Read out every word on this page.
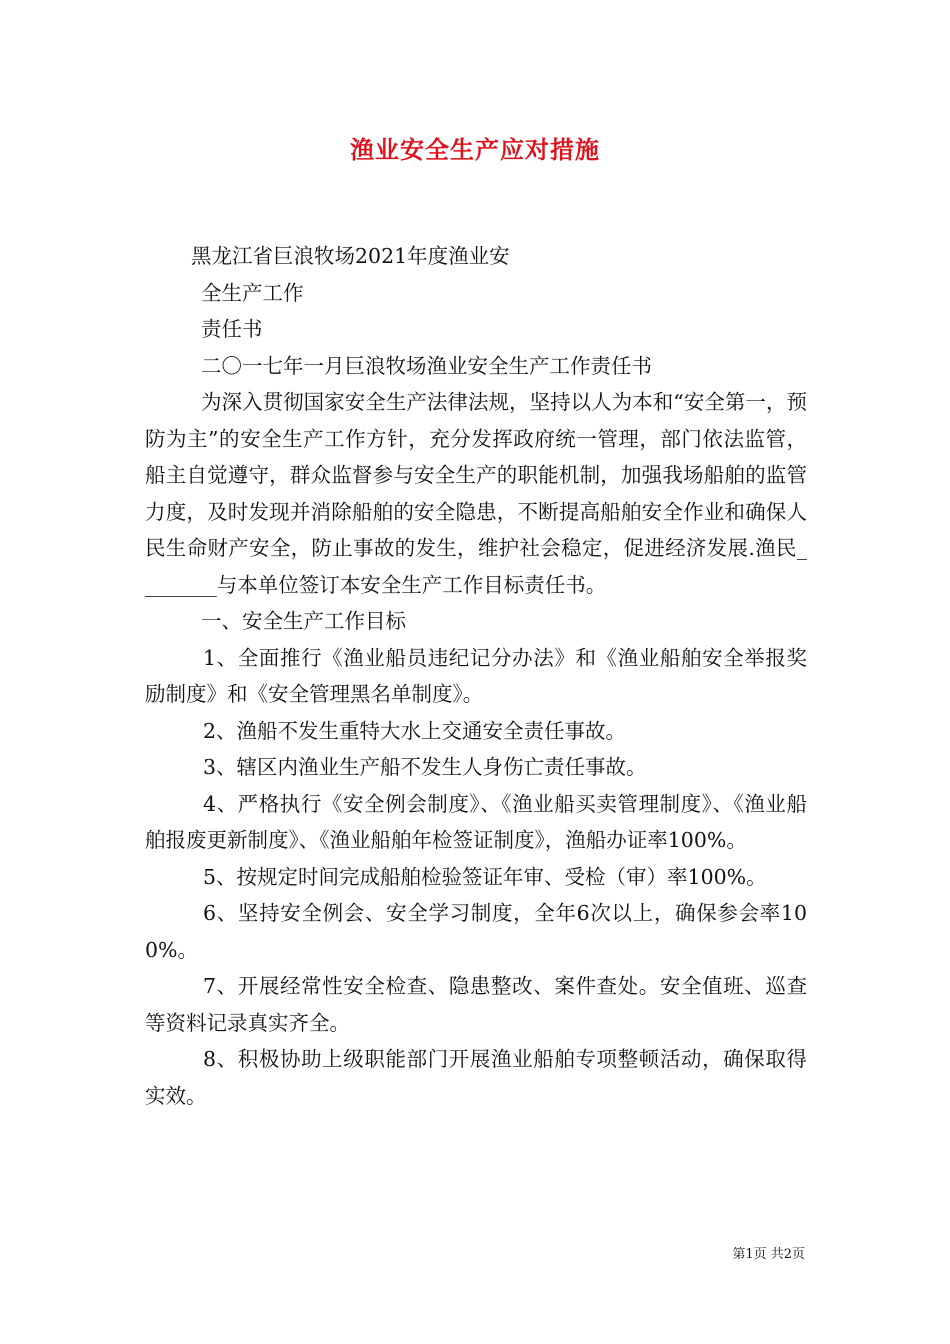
渔业安全生产应对措施

黑龙江省巨浪牧场2021年度渔业安

全生产工作

责任书

二〇一七年一月巨浪牧场渔业安全生产工作责任书

为深入贯彻国家安全生产法律法规，坚持以人为本和“安全第一，预防为主”的安全生产工作方针，充分发挥政府统一管理，部门依法监管，船主自觉遵守，群众监督参与安全生产的职能机制，加强我场船舶的监管力度，及时发现并消除船舶的安全隐患，不断提高船舶安全作业和确保人民生命财产安全，防止事故的发生，维护社会稳定，促进经济发展.渔民________与本单位签订本安全生产工作目标责任书。

一、安全生产工作目标

1、全面推行《渔业船员违纪记分办法》和《渔业船舶安全举报奖励制度》和《安全管理黑名单制度》。

2、渔船不发生重特大水上交通安全责任事故。

3、辖区内渔业生产船不发生人身伤亡责任事故。

4、严格执行《安全例会制度》、《渔业船买卖管理制度》、《渔业船舶报废更新制度》、《渔业船舶年检签证制度》，渔船办证率100%。

5、按规定时间完成船舶检验签证年审、受检（审）率100%。

6、坚持安全例会、安全学习制度，全年6次以上，确保参会率100%。

7、开展经常性安全检查、隐患整改、案件查处。安全值班、巡查等资料记录真实齐全。

8、积极协助上级职能部门开展渔业船舶专项整顿活动，确保取得实效。

第1页 共2页
